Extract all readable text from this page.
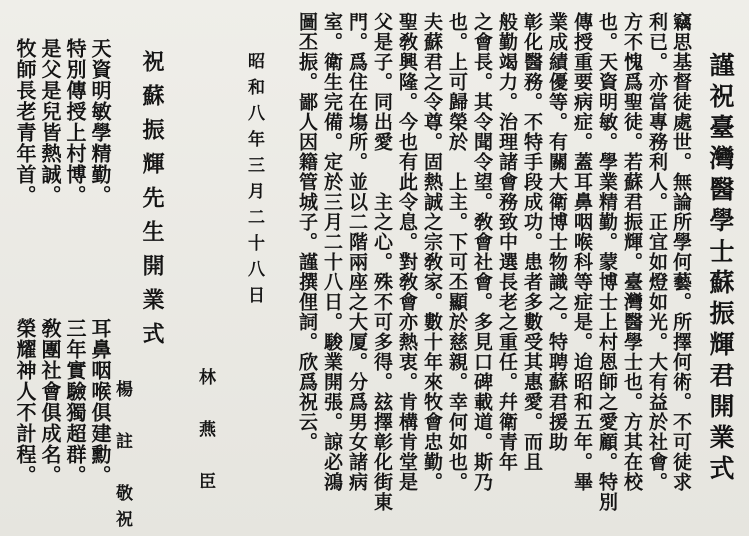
謹祝臺灣醫學士蘇振輝君開業式
竊思基督徒處世。無論所學何藝。所擇何術。不可徒求
利已。亦當專務利人。正宜如燈如光。大有益於社會。
方不愧爲聖徒。若蘇君振輝。臺灣醫學士也。方其在校
也。天資明敏。學業精勤。蒙博士上村恩師之愛顧。特別
傳授重要病症。蓋耳鼻咽喉科等症是。迨昭和五年。畢
業成績優等。有關大衛博士物識之。特聘蘇君援助
彰化醫務。不特手段成功。患者多數受其惠愛。而且
般勤竭力。治理諸會務致中選長老之重任。幷衛青年
之會長。其令聞令望。敎會社會。多見口碑載道。斯乃
也。上可歸榮於　上主。下可丕顯於慈親。幸何如也。
夫蘇君之令尊。固熱誠之宗敎家。數十年來牧會忠勤。
聖敎興隆。今也有此令息。對敎會亦熱衷。肯構肯堂是
父是子。同出愛　　主之心。殊不可多得。玆擇彰化街東
門。爲住在塲所。並以二階兩座之大厦。分爲男女諸病
室。衛生完備。定於三月二十八日。駿業開張。諒必鴻
圖丕振。鄙人因籍管城子。謹撰俚詞。欣爲祝云。
昭和八年三月二十八日
林　燕　臣
祝蘇振輝先生開業式
楊　註　敬祝
天資明敏學精勤。
特別傳授上村博。
是父是兒皆熱誠。
牧師長老青年首。
耳鼻咽喉俱建勳。
三年實驗獨超群。
敎團社會俱成名。
榮耀神人不計程。
